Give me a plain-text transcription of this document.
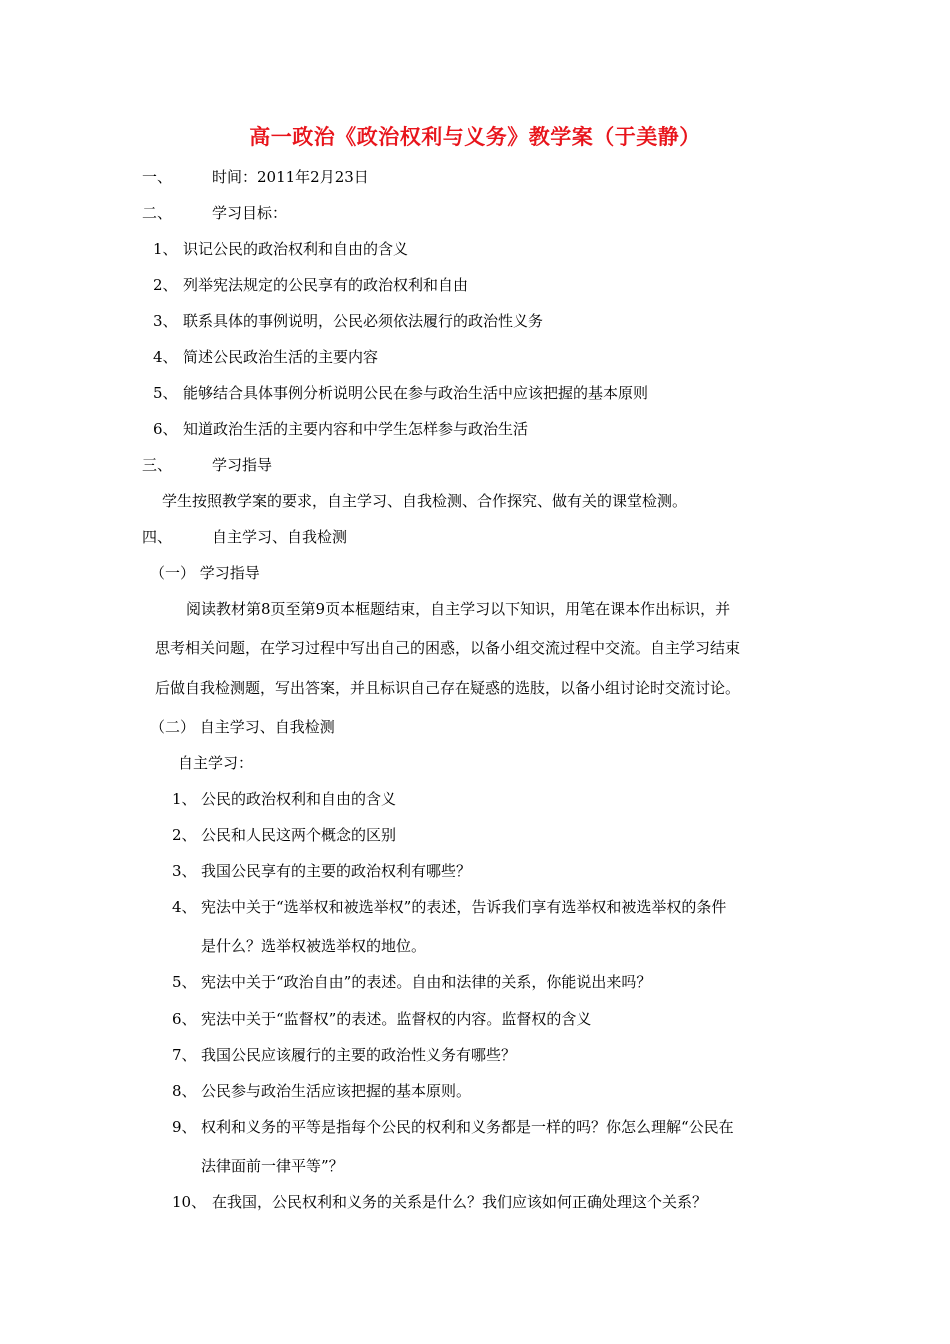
高一政治《政治权利与义务》教学案（于美静）
一、	时间：2011年2月23日
二、	学习目标：
1、 识记公民的政治权利和自由的含义
2、 列举宪法规定的公民享有的政治权利和自由
3、 联系具体的事例说明，公民必须依法履行的政治性义务
4、 简述公民政治生活的主要内容
5、 能够结合具体事例分析说明公民在参与政治生活中应该把握的基本原则
6、 知道政治生活的主要内容和中学生怎样参与政治生活
三、	学习指导
学生按照教学案的要求，自主学习、自我检测、合作探究、做有关的课堂检测。
四、	自主学习、自我检测
（一） 学习指导
阅读教材第8页至第9页本框题结束，自主学习以下知识，用笔在课本作出标识，并
思考相关问题，在学习过程中写出自己的困惑，以备小组交流过程中交流。自主学习结束
后做自我检测题，写出答案，并且标识自己存在疑惑的选肢，以备小组讨论时交流讨论。
（二） 自主学习、自我检测
自主学习：
1、 公民的政治权利和自由的含义
2、 公民和人民这两个概念的区别
3、 我国公民享有的主要的政治权利有哪些？
4、 宪法中关于“选举权和被选举权”的表述，告诉我们享有选举权和被选举权的条件
是什么？选举权被选举权的地位。
5、 宪法中关于“政治自由”的表述。自由和法律的关系，你能说出来吗？
6、 宪法中关于“监督权”的表述。监督权的内容。监督权的含义
7、 我国公民应该履行的主要的政治性义务有哪些？
8、 公民参与政治生活应该把握的基本原则。
9、 权利和义务的平等是指每个公民的权利和义务都是一样的吗？你怎么理解“公民在
法律面前一律平等”？
10、 在我国，公民权利和义务的关系是什么？我们应该如何正确处理这个关系？
